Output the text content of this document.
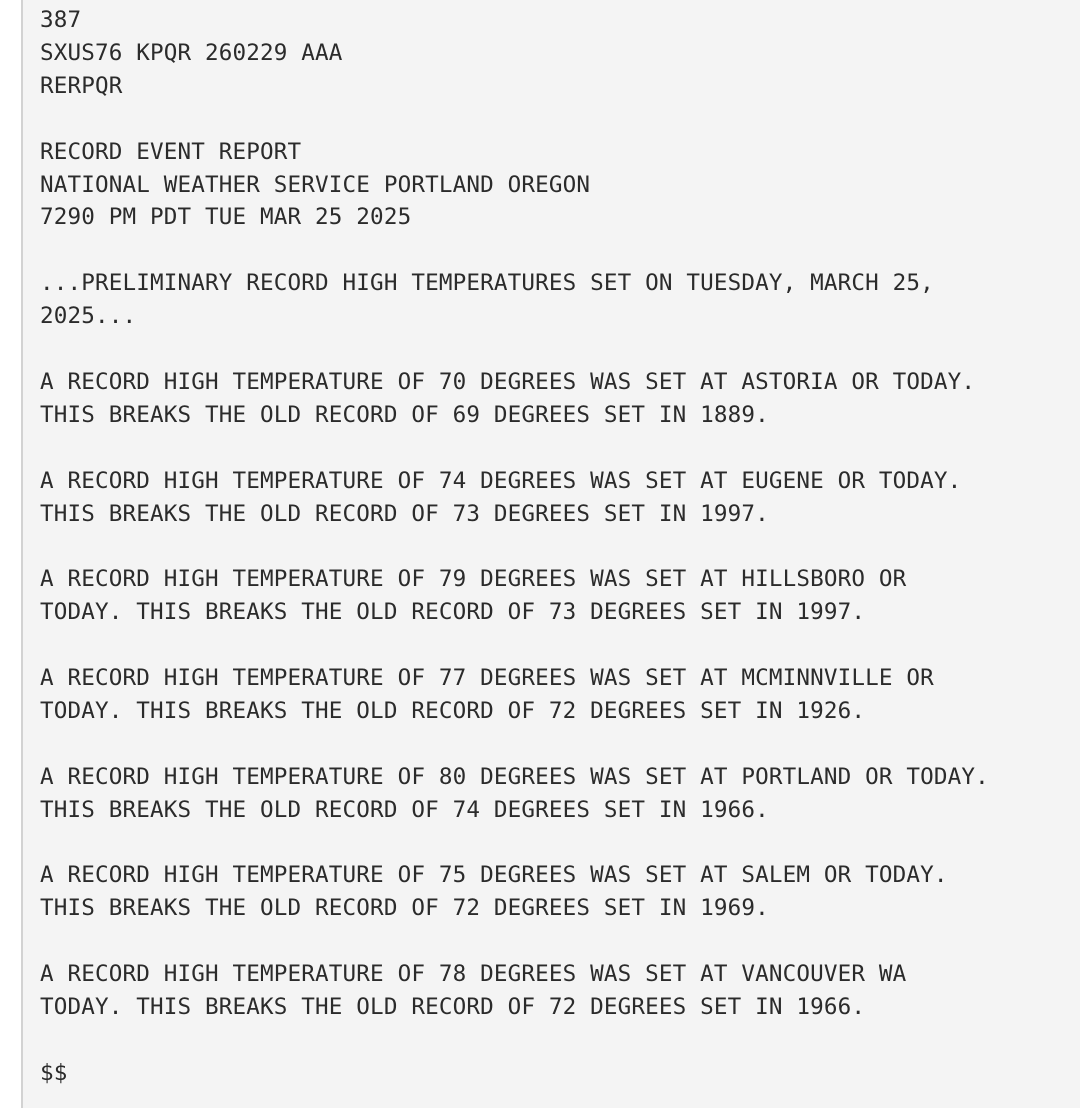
387
SXUS76 KPQR 260229 AAA
RERPQR
RECORD EVENT REPORT
NATIONAL WEATHER SERVICE PORTLAND OREGON
7290 PM PDT TUE MAR 25 2025
...PRELIMINARY RECORD HIGH TEMPERATURES SET ON TUESDAY, MARCH 25,
2025...
A RECORD HIGH TEMPERATURE OF 70 DEGREES WAS SET AT ASTORIA OR TODAY.
THIS BREAKS THE OLD RECORD OF 69 DEGREES SET IN 1889.
A RECORD HIGH TEMPERATURE OF 74 DEGREES WAS SET AT EUGENE OR TODAY.
THIS BREAKS THE OLD RECORD OF 73 DEGREES SET IN 1997.
A RECORD HIGH TEMPERATURE OF 79 DEGREES WAS SET AT HILLSBORO OR
TODAY. THIS BREAKS THE OLD RECORD OF 73 DEGREES SET IN 1997.
A RECORD HIGH TEMPERATURE OF 77 DEGREES WAS SET AT MCMINNVILLE OR
TODAY. THIS BREAKS THE OLD RECORD OF 72 DEGREES SET IN 1926.
A RECORD HIGH TEMPERATURE OF 80 DEGREES WAS SET AT PORTLAND OR TODAY.
THIS BREAKS THE OLD RECORD OF 74 DEGREES SET IN 1966.
A RECORD HIGH TEMPERATURE OF 75 DEGREES WAS SET AT SALEM OR TODAY.
THIS BREAKS THE OLD RECORD OF 72 DEGREES SET IN 1969.
A RECORD HIGH TEMPERATURE OF 78 DEGREES WAS SET AT VANCOUVER WA
TODAY. THIS BREAKS THE OLD RECORD OF 72 DEGREES SET IN 1966.
$$
